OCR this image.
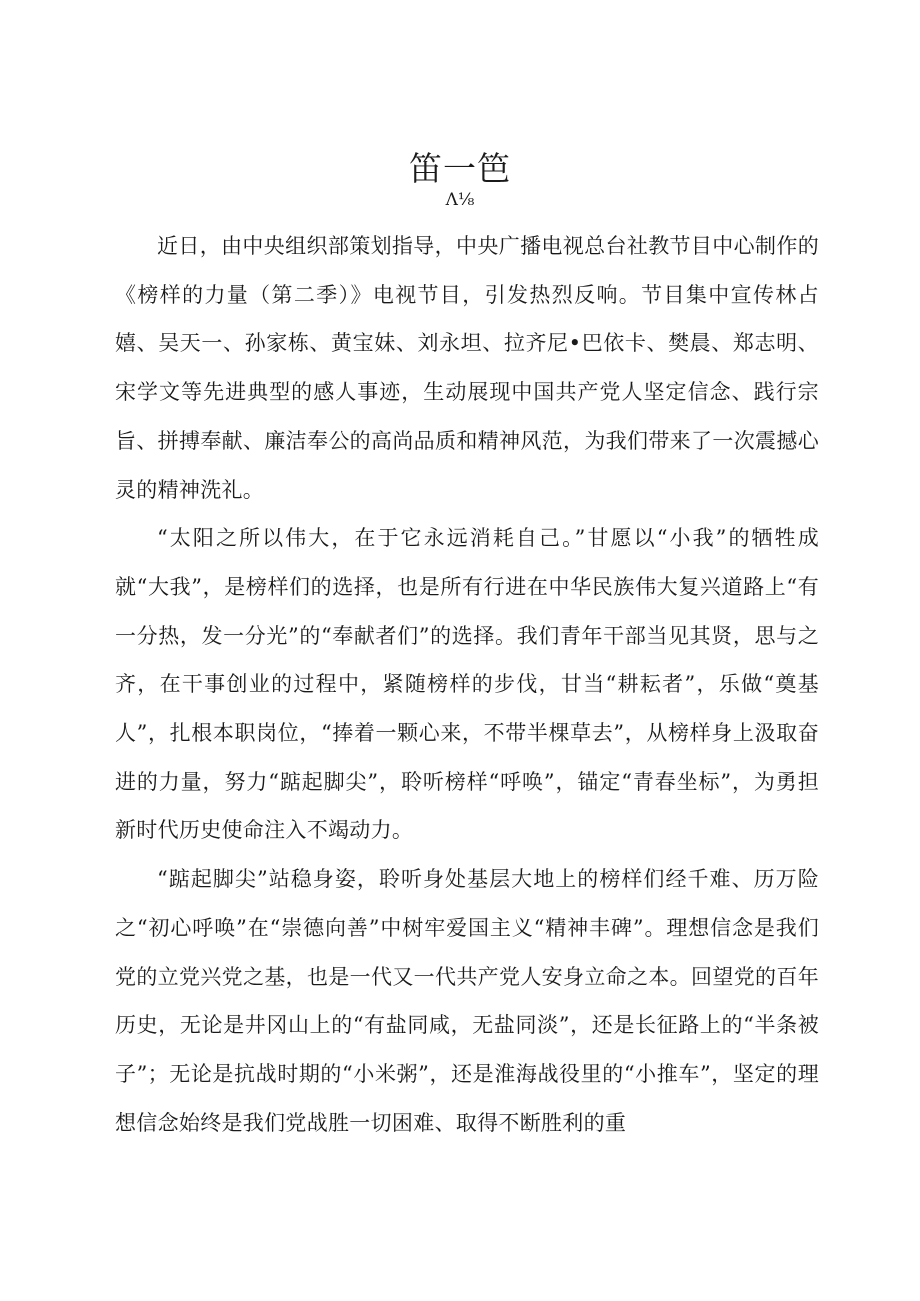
笛一笆
Λ⅛

近日，由中央组织部策划指导，中央广播电视总台社教节目中心制作的《榜样的力量（第二季）》电视节目，引发热烈反响。节目集中宣传林占嬉、吴天一、孙家栋、黄宝妹、刘永坦、拉齐尼•巴依卡、樊晨、郑志明、宋学文等先进典型的感人事迹，生动展现中国共产党人坚定信念、践行宗旨、拼搏奉献、廉洁奉公的高尚品质和精神风范，为我们带来了一次震撼心灵的精神洗礼。

“太阳之所以伟大，在于它永远消耗自己。”甘愿以“小我”的牺牲成就“大我”，是榜样们的选择，也是所有行进在中华民族伟大复兴道路上“有一分热，发一分光”的“奉献者们”的选择。我们青年干部当见其贤，思与之齐，在干事创业的过程中，紧随榜样的步伐，甘当“耕耘者”，乐做“奠基人”，扎根本职岗位，“捧着一颗心来，不带半棵草去”，从榜样身上汲取奋进的力量，努力“踮起脚尖”，聆听榜样“呼唤”，锚定“青春坐标”，为勇担新时代历史使命注入不竭动力。

“踮起脚尖”站稳身姿，聆听身处基层大地上的榜样们经千难、历万险之“初心呼唤”在“崇德向善”中树牢爱国主义“精神丰碑”。理想信念是我们党的立党兴党之基，也是一代又一代共产党人安身立命之本。回望党的百年历史，无论是井冈山上的“有盐同咸，无盐同淡”，还是长征路上的“半条被子”；无论是抗战时期的“小米粥”，还是淮海战役里的“小推车”，坚定的理想信念始终是我们党战胜一切困难、取得不断胜利的重
